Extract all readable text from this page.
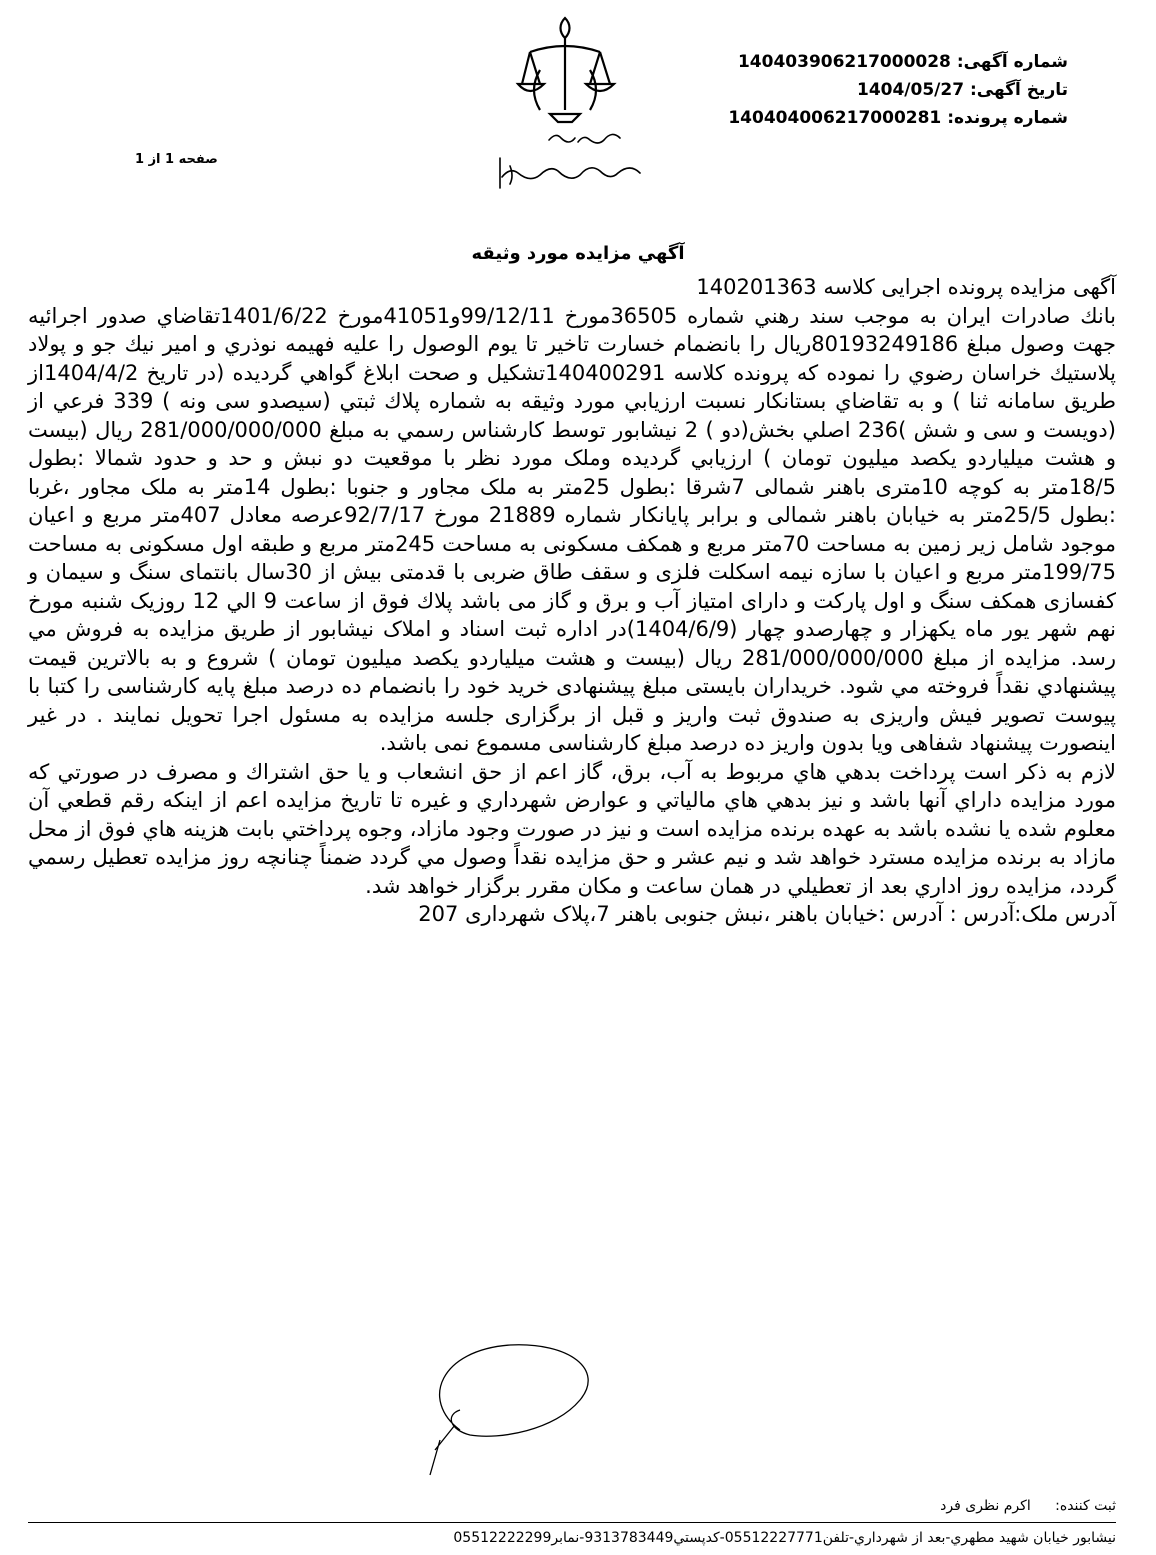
شماره آگهی: 140403906217000028
تاریخ آگهی: 1404/05/27
شماره پرونده: 140404006217000281
صفحه 1 از 1
آگهي مزايده مورد وثيقه

آگهی مزایده پرونده اجرایی کلاسه 140201363

بانك صادرات ايران به موجب سند رهني شماره 36505مورخ 99/12/11و41051مورخ 1401/6/22تقاضاي صدور اجرائيه جهت وصول مبلغ 80193249186ريال را بانضمام خسارت تاخير تا يوم الوصول را عليه فهيمه نوذري و امير نيك جو و پولاد پلاستيك خراسان رضوي را نموده كه پرونده كلاسه 140400291تشكيل و صحت ابلاغ گواهي گرديده (در تاريخ 1404/4/2از طريق سامانه ثنا ) و به تقاضاي بستانكار نسبت ارزيابي مورد وثيقه به شماره پلاك ثبتي (سيصدو سی ونه ) 339 فرعي از (دويست و سی و شش )236 اصلي بخش(دو ) 2 نيشابور توسط كارشناس رسمي به مبلغ 281/000/000/000 ريال (بيست و هشت ميلياردو يكصد ميليون تومان ) ارزيابي گرديده وملک مورد نظر با موقعيت دو نبش و حد و حدود شمالا :بطول 18/5متر به کوچه 10متری باهنر شمالی 7شرقا :بطول 25متر به ملک مجاور و جنوبا :بطول 14متر به ملک مجاور ،غربا :بطول 25/5متر به خیابان باهنر شمالی و برابر پایانکار شماره 21889 مورخ 92/7/17عرصه معادل 407متر مربع و اعیان موجود شامل زیر زمین به مساحت 70متر مربع و همکف مسکونی به مساحت 245متر مربع و طبقه اول مسکونی به مساحت 199/75متر مربع و اعیان با سازه نیمه اسکلت فلزی و سقف طاق ضربی با قدمتی بیش از 30سال بانتمای سنگ و سیمان و کفسازی همکف سنگ و اول پارکت و دارای امتیاز آب و برق و گاز می باشد پلاك فوق از ساعت 9 الي 12 روزيک شنبه مورخ نهم شهر یور ماه یکهزار و چهارصدو چهار (1404/6/9)در اداره ثبت اسناد و املاک نيشابور از طريق مزايده به فروش مي رسد. مزايده از مبلغ 281/000/000/000 ريال (بيست و هشت ميلياردو يكصد ميليون تومان ) شروع و به بالاترين قيمت پيشنهادي نقداً فروخته مي شود. خریداران بایستی مبلغ پیشنهادی خرید خود را بانضمام ده درصد مبلغ پایه کارشناسی را کتبا با پیوست تصویر فیش واریزی به صندوق ثبت واریز و قبل از برگزاری جلسه مزایده به مسئول اجرا تحویل نمایند . در غیر اینصورت پیشنهاد شفاهی ویا بدون واریز ده درصد مبلغ کارشناسی مسموع نمی باشد.

لازم به ذكر است پرداخت بدهي هاي مربوط به آب، برق، گاز اعم از حق انشعاب و يا حق اشتراك و مصرف در صورتي كه مورد مزايده داراي آنها باشد و نيز بدهي هاي مالياتي و عوارض شهرداري و غيره تا تاريخ مزايده اعم از اينكه رقم قطعي آن معلوم شده يا نشده باشد به عهده برنده مزايده است و نيز در صورت وجود مازاد، وجوه پرداختي بابت هزينه هاي فوق از محل مازاد به برنده مزايده مسترد خواهد شد و نيم عشر و حق مزايده نقداً وصول مي گردد ضمناً چنانچه روز مزايده تعطيل رسمي گردد، مزايده روز اداري بعد از تعطيلي در همان ساعت و مكان مقرر برگزار خواهد شد.

آدرس ملک:آدرس : آدرس :خیابان باهنر ،نبش جنوبی باهنر 7،پلاک شهرداری 207

ثبت كننده: اکرم نظری فرد
نيشابور خيابان شهيد مطهري-بعد از شهرداري-تلفن05512227771-كدپستي9313783449-نمابر05512222299
